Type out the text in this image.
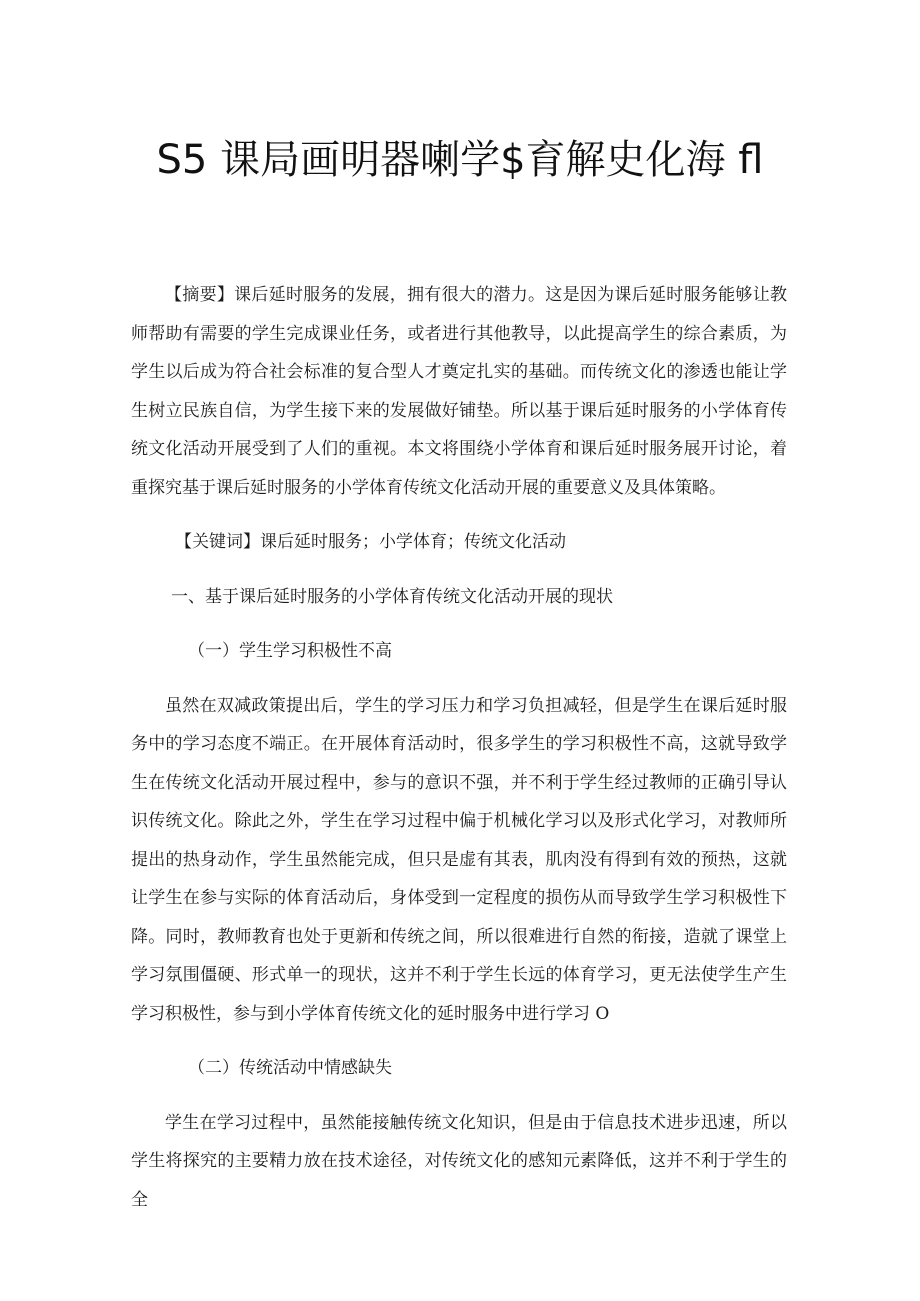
S5 课局画明器喇学$育解史化海 fl

【摘要】课后延时服务的发展，拥有很大的潜力。这是因为课后延时服务能够让教师帮助有需要的学生完成课业任务，或者进行其他教导，以此提高学生的综合素质，为学生以后成为符合社会标准的复合型人才奠定扎实的基础。而传统文化的渗透也能让学生树立民族自信，为学生接下来的发展做好铺垫。所以基于课后延时服务的小学体育传统文化活动开展受到了人们的重视。本文将围绕小学体育和课后延时服务展开讨论，着重探究基于课后延时服务的小学体育传统文化活动开展的重要意义及具体策略。

【关键词】课后延时服务；小学体育；传统文化活动

一、基于课后延时服务的小学体育传统文化活动开展的现状

（一）学生学习积极性不高

虽然在双减政策提出后，学生的学习压力和学习负担减轻，但是学生在课后延时服务中的学习态度不端正。在开展体育活动时，很多学生的学习积极性不高，这就导致学生在传统文化活动开展过程中，参与的意识不强，并不利于学生经过教师的正确引导认识传统文化。除此之外，学生在学习过程中偏于机械化学习以及形式化学习，对教师所提出的热身动作，学生虽然能完成，但只是虚有其表，肌肉没有得到有效的预热，这就让学生在参与实际的体育活动后，身体受到一定程度的损伤从而导致学生学习积极性下降。同时，教师教育也处于更新和传统之间，所以很难进行自然的衔接，造就了课堂上学习氛围僵硬、形式单一的现状，这并不利于学生长远的体育学习，更无法使学生产生学习积极性，参与到小学体育传统文化的延时服务中进行学习 O

（二）传统活动中情感缺失

学生在学习过程中，虽然能接触传统文化知识，但是由于信息技术进步迅速，所以学生将探究的主要精力放在技术途径，对传统文化的感知元素降低，这并不利于学生的全
